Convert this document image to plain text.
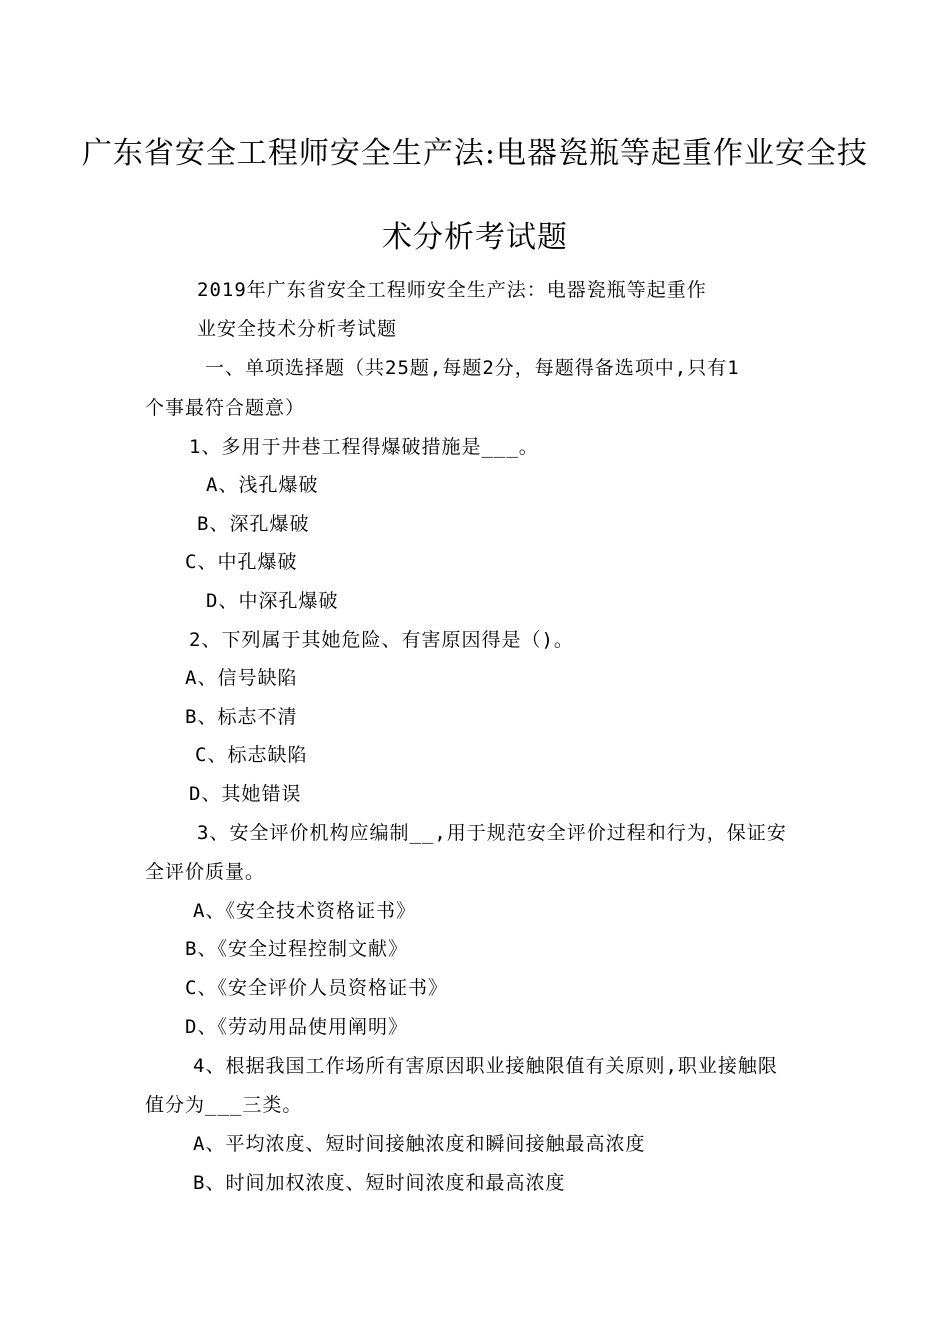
广东省安全工程师安全生产法:电器瓷瓶等起重作业安全技
术分析考试题
2019年广东省安全工程师安全生产法：电器瓷瓶等起重作
业安全技术分析考试题
一、单项选择题（共25题,每题2分，每题得备选项中,只有1
个事最符合题意）
1、多用于井巷工程得爆破措施是___。
A、浅孔爆破
B、深孔爆破
C、中孔爆破
D、中深孔爆破
2、下列属于其她危险、有害原因得是（)。
A、信号缺陷
B、标志不清
C、标志缺陷
D、其她错误
3、安全评价机构应编制__,用于规范安全评价过程和行为，保证安
全评价质量。
A、《安全技术资格证书》
B、《安全过程控制文献》
C、《安全评价人员资格证书》
D、《劳动用品使用阐明》
4、根据我国工作场所有害原因职业接触限值有关原则,职业接触限
值分为___三类。
A、平均浓度、短时间接触浓度和瞬间接触最高浓度
B、时间加权浓度、短时间浓度和最高浓度
